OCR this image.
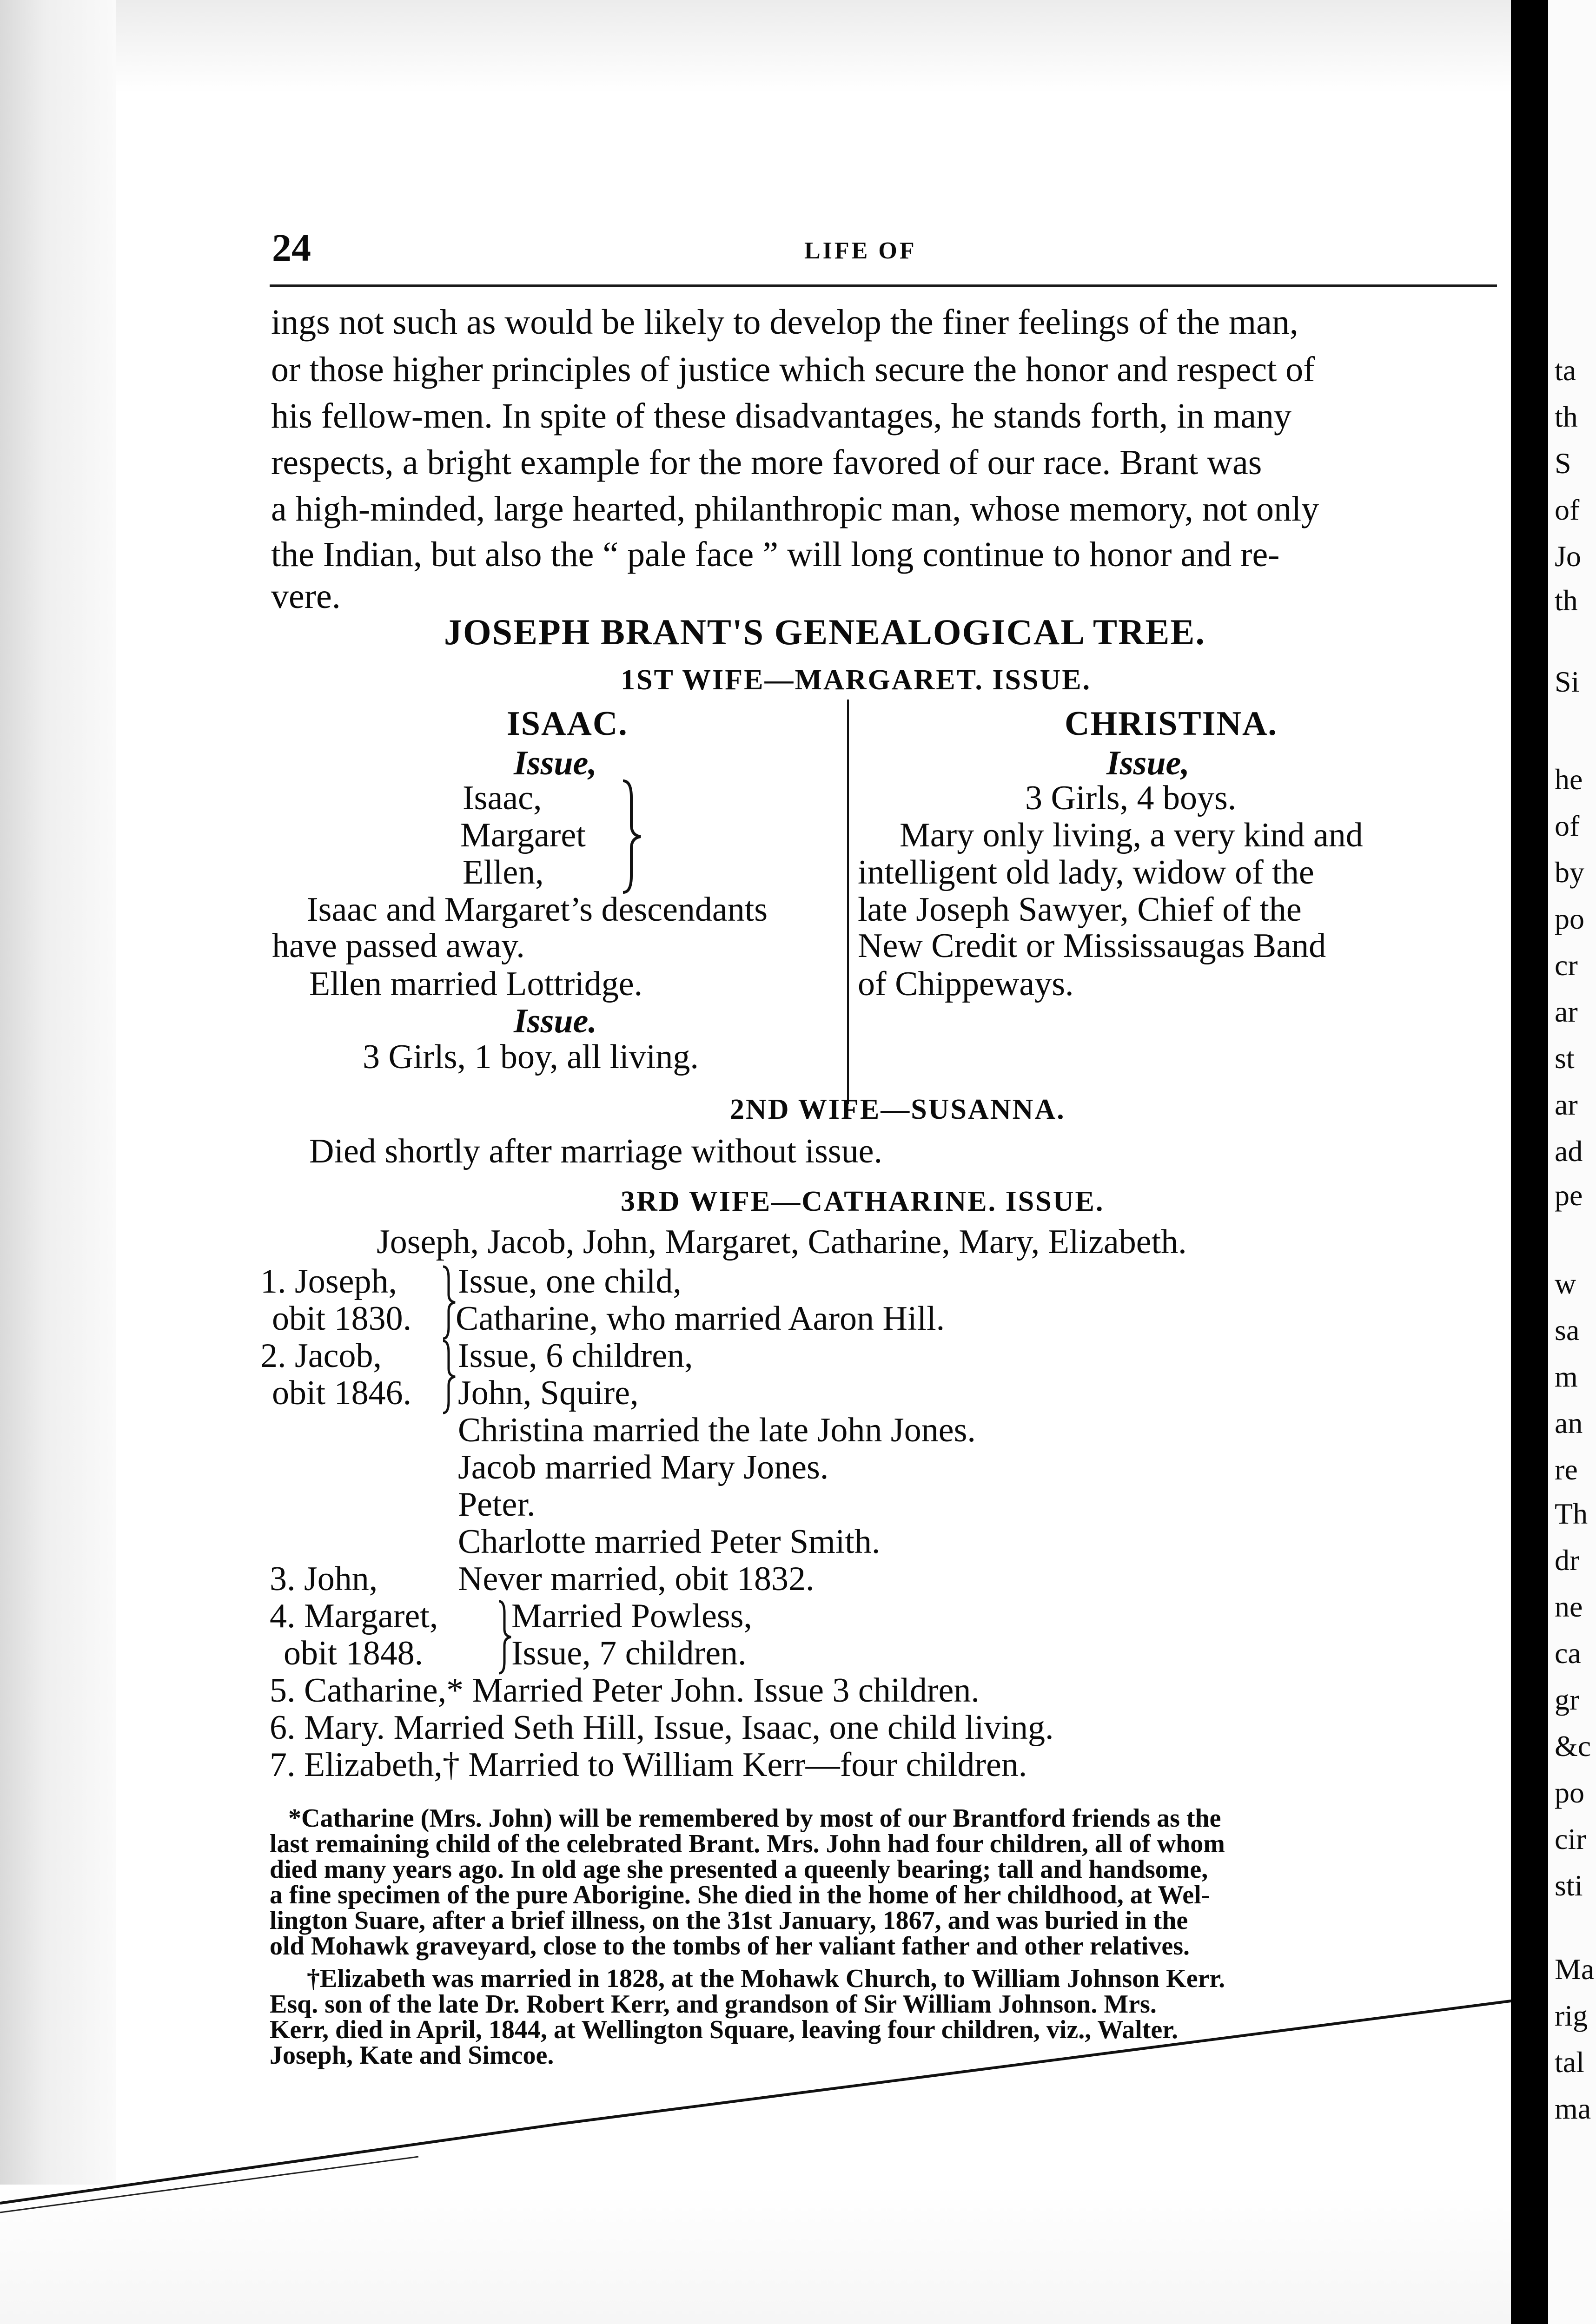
24	LIFE OF
ings not such as would be likely to develop the finer feelings of the man,
or those higher principles of justice which secure the honor and respect of
his fellow-men. In spite of these disadvantages, he stands forth, in many
respects, a bright example for the more favored of our race. Brant was
a high-minded, large hearted, philanthropic man, whose memory, not only
the Indian, but also the “ pale face ” will long continue to honor and re-
vere.
JOSEPH BRANT'S GENEALOGICAL TREE.
1ST WIFE—MARGARET. ISSUE.
ISAAC.
Issue,
Isaac,
Margaret
Ellen,
Isaac and Margaret’s descendants
have passed away.
Ellen married Lottridge.
Issue.
3 Girls, 1 boy, all living.
CHRISTINA.
Issue,
3 Girls, 4 boys.
Mary only living, a very kind and
intelligent old lady, widow of the
late Joseph Sawyer, Chief of the
New Credit or Mississaugas Band
of Chippeways.
2ND WIFE—SUSANNA.
Died shortly after marriage without issue.
3RD WIFE—CATHARINE. ISSUE.
Joseph, Jacob, John, Margaret, Catharine, Mary, Elizabeth.
1. Joseph, Issue, one child,
obit 1830. Catharine, who married Aaron Hill.
2. Jacob, Issue, 6 children,
obit 1846. John, Squire,
Christina married the late John Jones.
Jacob married Mary Jones.
Peter.
Charlotte married Peter Smith.
3. John, Never married, obit 1832.
4. Margaret, Married Powless,
obit 1848.	Issue, 7 children.
5. Catharine,* Married Peter John. Issue 3 children.
6. Mary. Married Seth Hill, Issue, Isaac, one child living.
7. Elizabeth,† Married to William Kerr—four children.
*Catharine (Mrs. John) will be remembered by most of our Brantford friends as the
last remaining child of the celebrated Brant. Mrs. John had four children, all of whom
died many years ago. In old age she presented a queenly bearing; tall and handsome,
a fine specimen of the pure Aborigine. She died in the home of her childhood, at Wel-
lington Suare, after a brief illness, on the 31st January, 1867, and was buried in the
old Mohawk graveyard, close to the tombs of her valiant father and other relatives.
†Elizabeth was married in 1828, at the Mohawk Church, to William Johnson Kerr.
Esq. son of the late Dr. Robert Kerr, and grandson of Sir William Johnson. Mrs.
Kerr, died in April, 1844, at Wellington Square, leaving four children, viz., Walter.
Joseph, Kate and Simcoe.
ta
th
S
of
Jo
th
Si
he
of
by
po
cr
ar
st
ar
ad
pe
w
sa
m
an
re
Th
dr
ne
ca
gr
&c
po
cir
sti
Ma
rig
tal
ma
